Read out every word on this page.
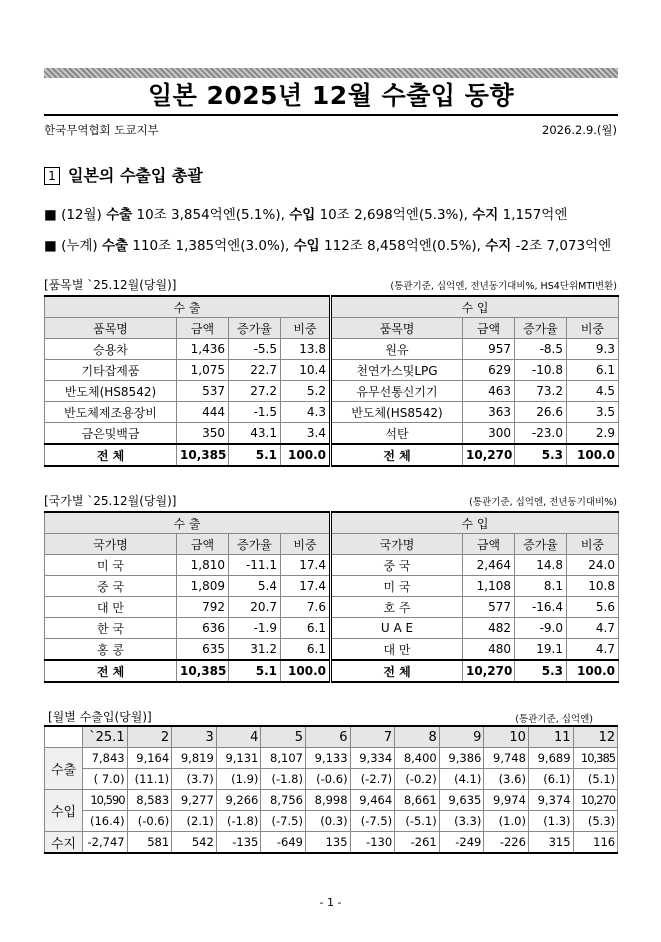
일본 2025년 12월 수출입 동향
한국무역협회 도쿄지부	2026.2.9.(월)
1 일본의 수출입 총괄
■ (12월) 수출 10조 3,854억엔(5.1%), 수입 10조 2,698억엔(5.3%), 수지 1,157억엔
■ (누계) 수출 110조 1,385억엔(3.0%), 수입 112조 8,458억엔(0.5%), 수지 -2조 7,073억엔
[품목별 `25.12월(당월)]	(통관기준, 십억엔, 전년동기대비%, HS4단위MTI변환)
수 출				수 입			
품목명	금액	증가율	비중	품목명	금액	증가율	비중
승용차	1,436	-5.5	13.8	원유	957	-8.5	9.3
기타잡제품	1,075	22.7	10.4	천연가스및LPG	629	-10.8	6.1
반도체(HS8542)	537	27.2	5.2	유무선통신기기	463	73.2	4.5
반도체제조용장비	444	-1.5	4.3	반도체(HS8542)	363	26.6	3.5
금은및백금	350	43.1	3.4	석탄	300	-23.0	2.9
전 체	10,385	5.1	100.0	전 체	10,270	5.3	100.0
[국가별 `25.12월(당월)]	(통관기준, 십억엔, 전년동기대비%)
수 출				수 입			
국가명	금액	증가율	비중	국가명	금액	증가율	비중
미 국	1,810	-11.1	17.4	중 국	2,464	14.8	24.0
중 국	1,809	5.4	17.4	미 국	1,108	8.1	10.8
대 만	792	20.7	7.6	호 주	577	-16.4	5.6
한 국	636	-1.9	6.1	U A E	482	-9.0	4.7
홍 콩	635	31.2	6.1	대 만	480	19.1	4.7
전 체	10,385	5.1	100.0	전 체	10,270	5.3	100.0
[월별 수출입(당월)]	(통관기준, 십억엔)
	`25.1	2	3	4	5	6	7	8	9	10	11	12
수출	7,843	9,164	9,819	9,131	8,107	9,133	9,334	8,400	9,386	9,748	9,689	10,385
	( 7.0)	(11.1)	(3.7)	(1.9)	(-1.8)	(-0.6)	(-2.7)	(-0.2)	(4.1)	(3.6)	(6.1)	(5.1)
수입	10,590	8,583	9,277	9,266	8,756	8,998	9,464	8,661	9,635	9,974	9,374	10,270
	(16.4)	(-0.6)	(2.1)	(-1.8)	(-7.5)	(0.3)	(-7.5)	(-5.1)	(3.3)	(1.0)	(1.3)	(5.3)
수지	-2,747	581	542	-135	-649	135	-130	-261	-249	-226	315	116
- 1 -
